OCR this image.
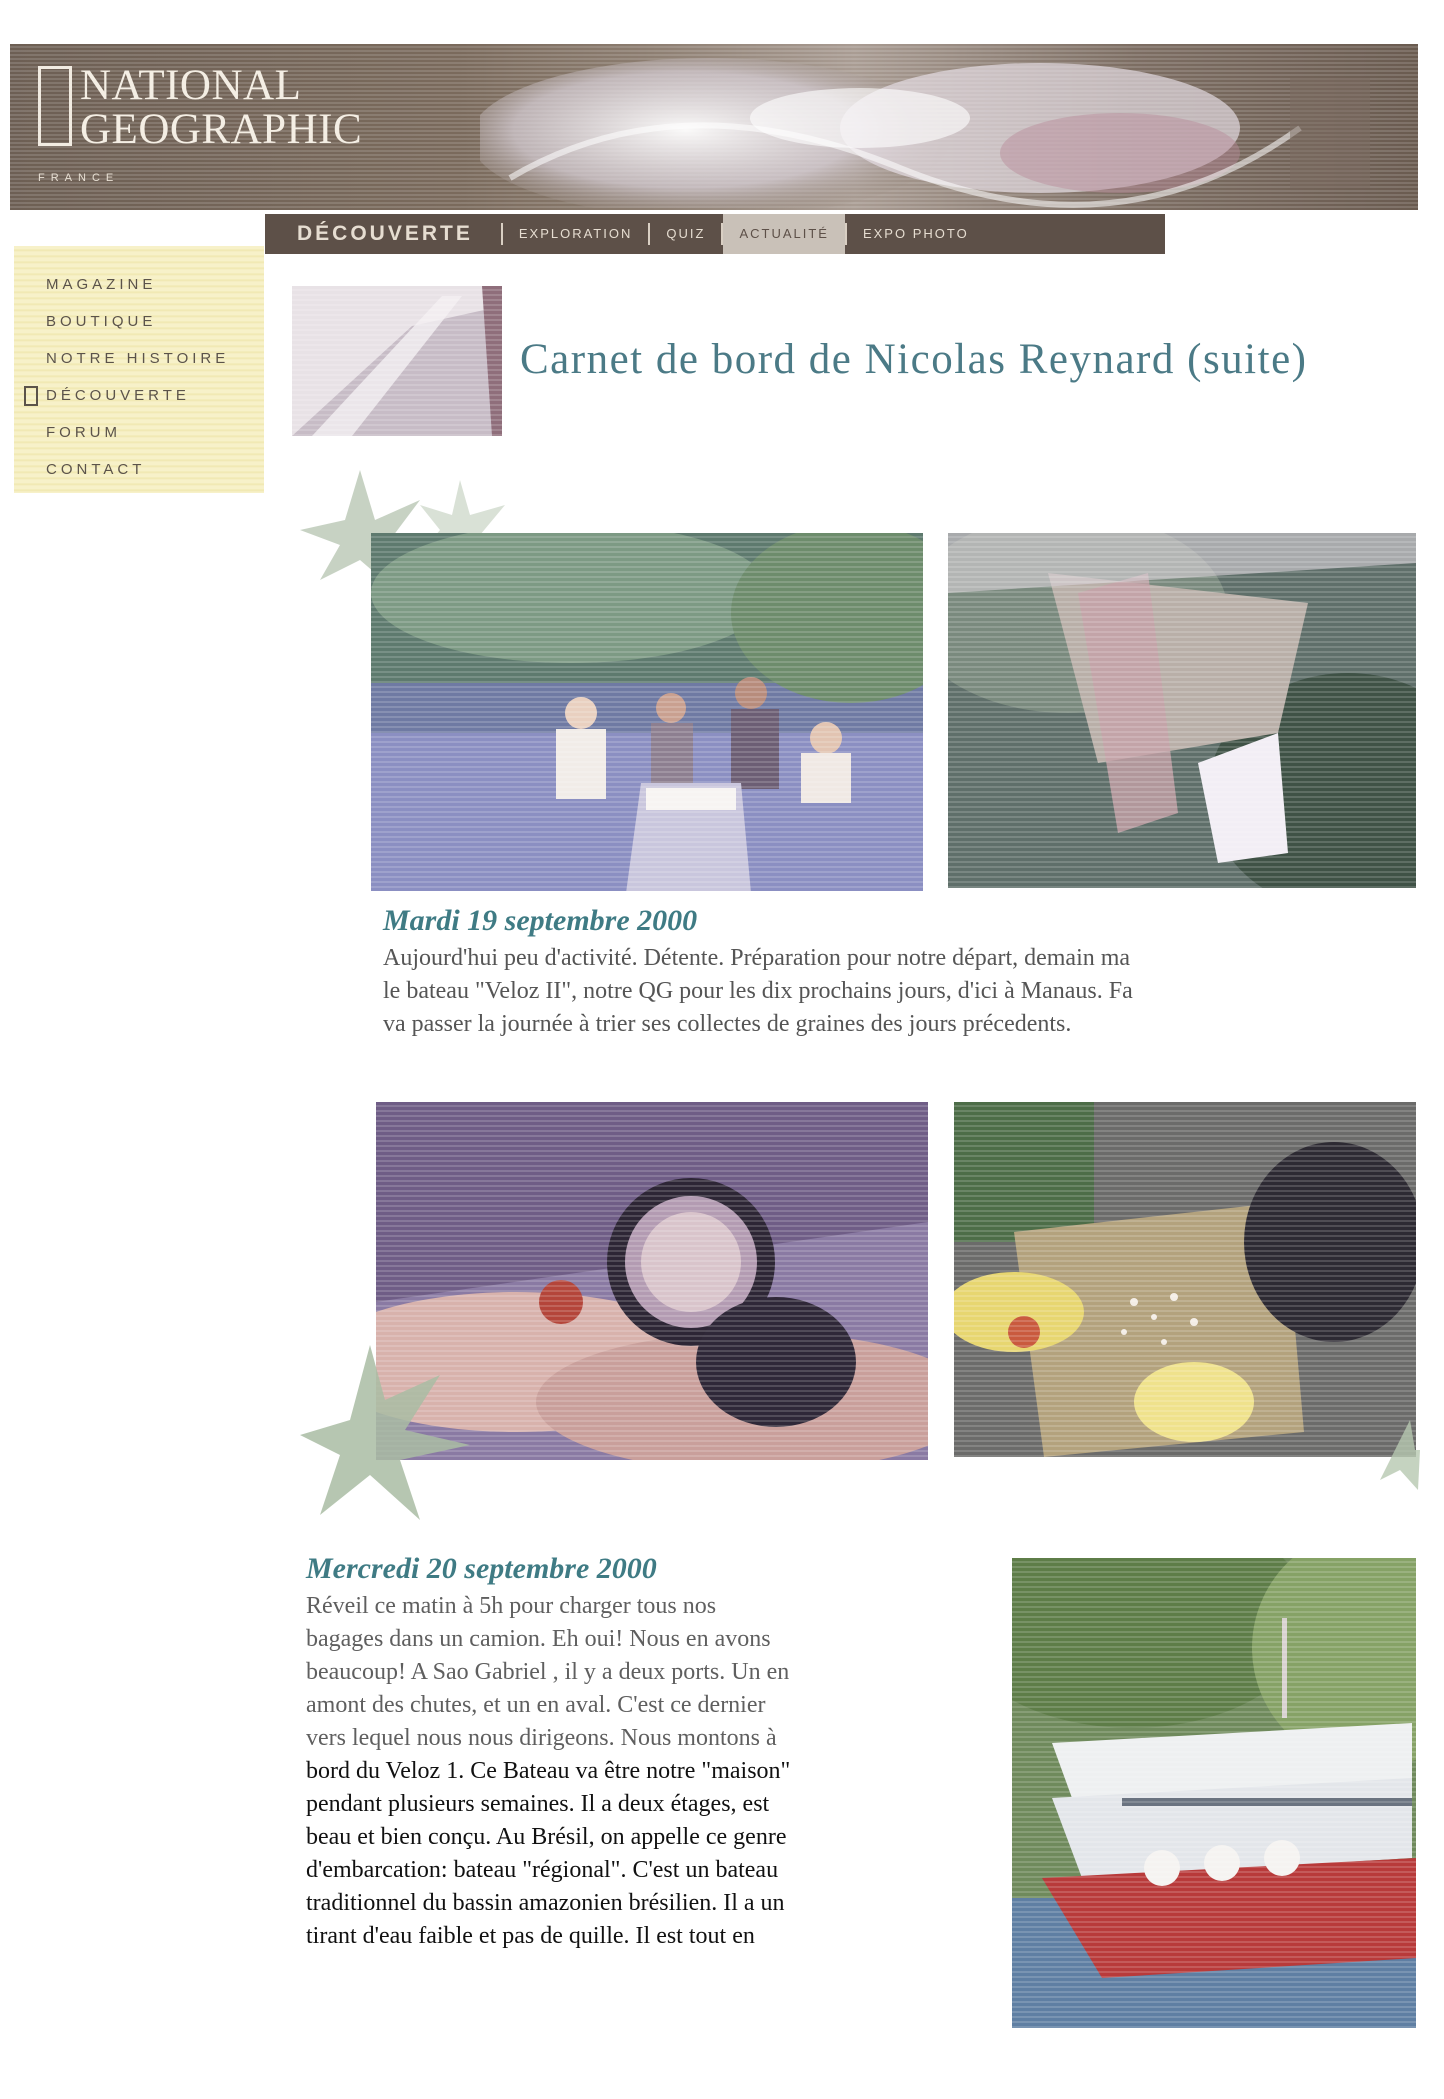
NATIONAL
GEOGRAPHIC
FRANCE
DÉCOUVERTE	EXPLORATION	QUIZ	ACTUALITÉ	EXPO PHOTO
MAGAZINE
BOUTIQUE
NOTRE HISTOIRE
DÉCOUVERTE
FORUM
CONTACT
Carnet de bord de Nicolas Reynard (suite)
Mardi 19 septembre 2000

Aujourd'hui peu d'activité. Détente. Préparation pour notre départ, demain ma

le bateau "Veloz II", notre QG pour les dix prochains jours, d'ici à Manaus. Fa

va passer la journée à trier ses collectes de graines des jours précedents.

Mercredi 20 septembre 2000

Réveil ce matin à 5h pour charger tous nos

bagages dans un camion. Eh oui! Nous en avons

beaucoup! A Sao Gabriel , il y a deux ports. Un en

amont des chutes, et un en aval. C'est ce dernier

vers lequel nous nous dirigeons. Nous montons à

bord du Veloz 1. Ce Bateau va être notre "maison"

pendant plusieurs semaines. Il a deux étages, est

beau et bien conçu. Au Brésil, on appelle ce genre

d'embarcation: bateau "régional". C'est un bateau

traditionnel du bassin amazonien brésilien. Il a un

tirant d'eau faible et pas de quille. Il est tout en
